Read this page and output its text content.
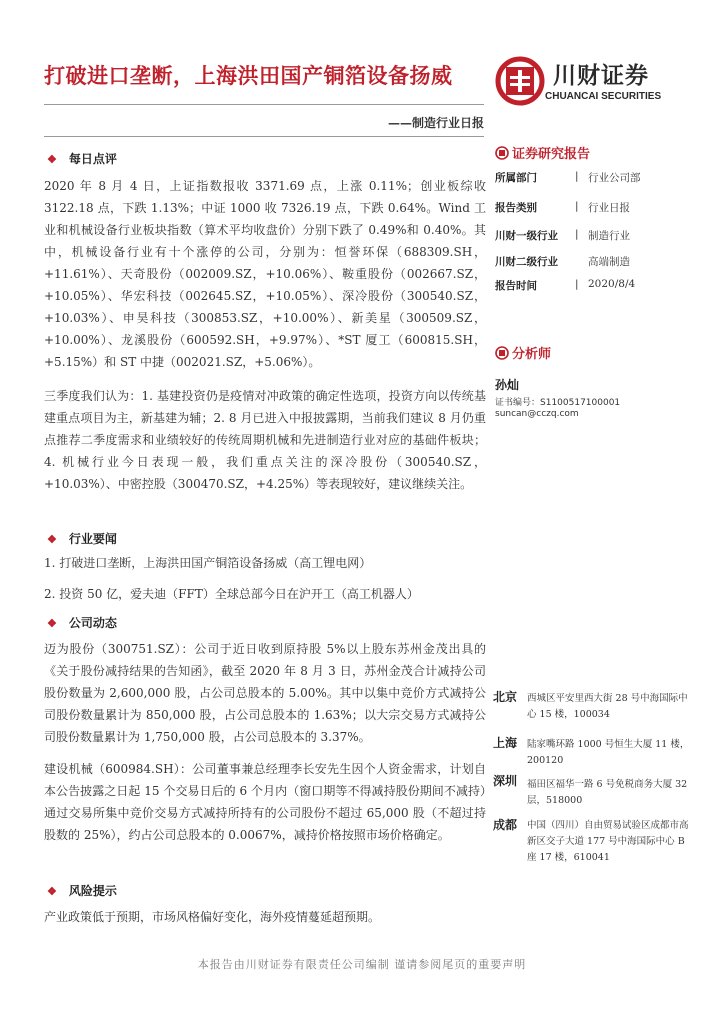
打破进口垄断，上海洪田国产铜箔设备扬威	川财证券
CHUANCAI SECURITIES
——制造行业日报
❖ 每日点评
2020 年 8 月 4 日，上证指数报收 3371.69 点，上涨 0.11%；创业板综收 3122.18 点，下跌 1.13%；中证 1000 收 7326.19 点，下跌 0.64%。Wind 工业和机械设备行业板块指数（算术平均收盘价）分别下跌了 0.49%和 0.40%。其中，机械设备行业有十个涨停的公司，分别为：恒誉环保（688309.SH，+11.61%）、天奇股份（002009.SZ，+10.06%）、鞍重股份（002667.SZ，+10.05%）、华宏科技（002645.SZ，+10.05%）、深冷股份（300540.SZ，+10.03%）、申昊科技（300853.SZ，+10.00%）、新美星（300509.SZ，+10.00%）、龙溪股份（600592.SH，+9.97%）、*ST 厦工（600815.SH，+5.15%）和 ST 中捷（002021.SZ，+5.06%）。
三季度我们认为：1. 基建投资仍是疫情对冲政策的确定性选项，投资方向以传统基建重点项目为主，新基建为辅；2. 8 月已进入中报披露期，当前我们建议 8 月仍重点推荐二季度需求和业绩较好的传统周期机械和先进制造行业对应的基础件板块；4. 机械行业今日表现一般，我们重点关注的深冷股份（300540.SZ，+10.03%）、中密控股（300470.SZ，+4.25%）等表现较好，建议继续关注。
❖ 行业要闻
1. 打破进口垄断，上海洪田国产铜箔设备扬威（高工锂电网）
2. 投资 50 亿，爱夫迪（FFT）全球总部今日在沪开工（高工机器人）
❖ 公司动态
迈为股份（300751.SZ）：公司于近日收到原持股 5%以上股东苏州金茂出具的《关于股份减持结果的告知函》，截至 2020 年 8 月 3 日，苏州金茂合计减持公司股份数量为 2,600,000 股，占公司总股本的 5.00%。其中以集中竞价方式减持公司股份数量累计为 850,000 股，占公司总股本的 1.63%；以大宗交易方式减持公司股份数量累计为 1,750,000 股，占公司总股本的 3.37%。
建设机械（600984.SH）：公司董事兼总经理李长安先生因个人资金需求，计划自本公告披露之日起 15 个交易日后的 6 个月内（窗口期等不得减持股份期间不减持）通过交易所集中竞价交易方式减持所持有的公司股份不超过 65,000 股（不超过持股数的 25%），约占公司总股本的 0.0067%，减持价格按照市场价格确定。
❖ 风险提示
产业政策低于预期，市场风格偏好变化，海外疫情蔓延超预期。
证券研究报告
所属部门	| 行业公司部
报告类别	| 行业日报
川财一级行业 | 制造行业
川财二级行业	高端制造
报告时间	| 2020/8/4
分析师
孙灿
证书编号：S1100517100001
suncan@cczq.com
北京 西城区平安里西大街 28 号中海国际中心 15 楼，100034
上海 陆家嘴环路 1000 号恒生大厦 11 楼，200120
深圳 福田区福华一路 6 号免税商务大厦 32 层，518000
成都 中国（四川）自由贸易试验区成都市高新区交子大道 177 号中海国际中心 B 座 17 楼，610041
本报告由川财证券有限责任公司编制 谨请参阅尾页的重要声明
